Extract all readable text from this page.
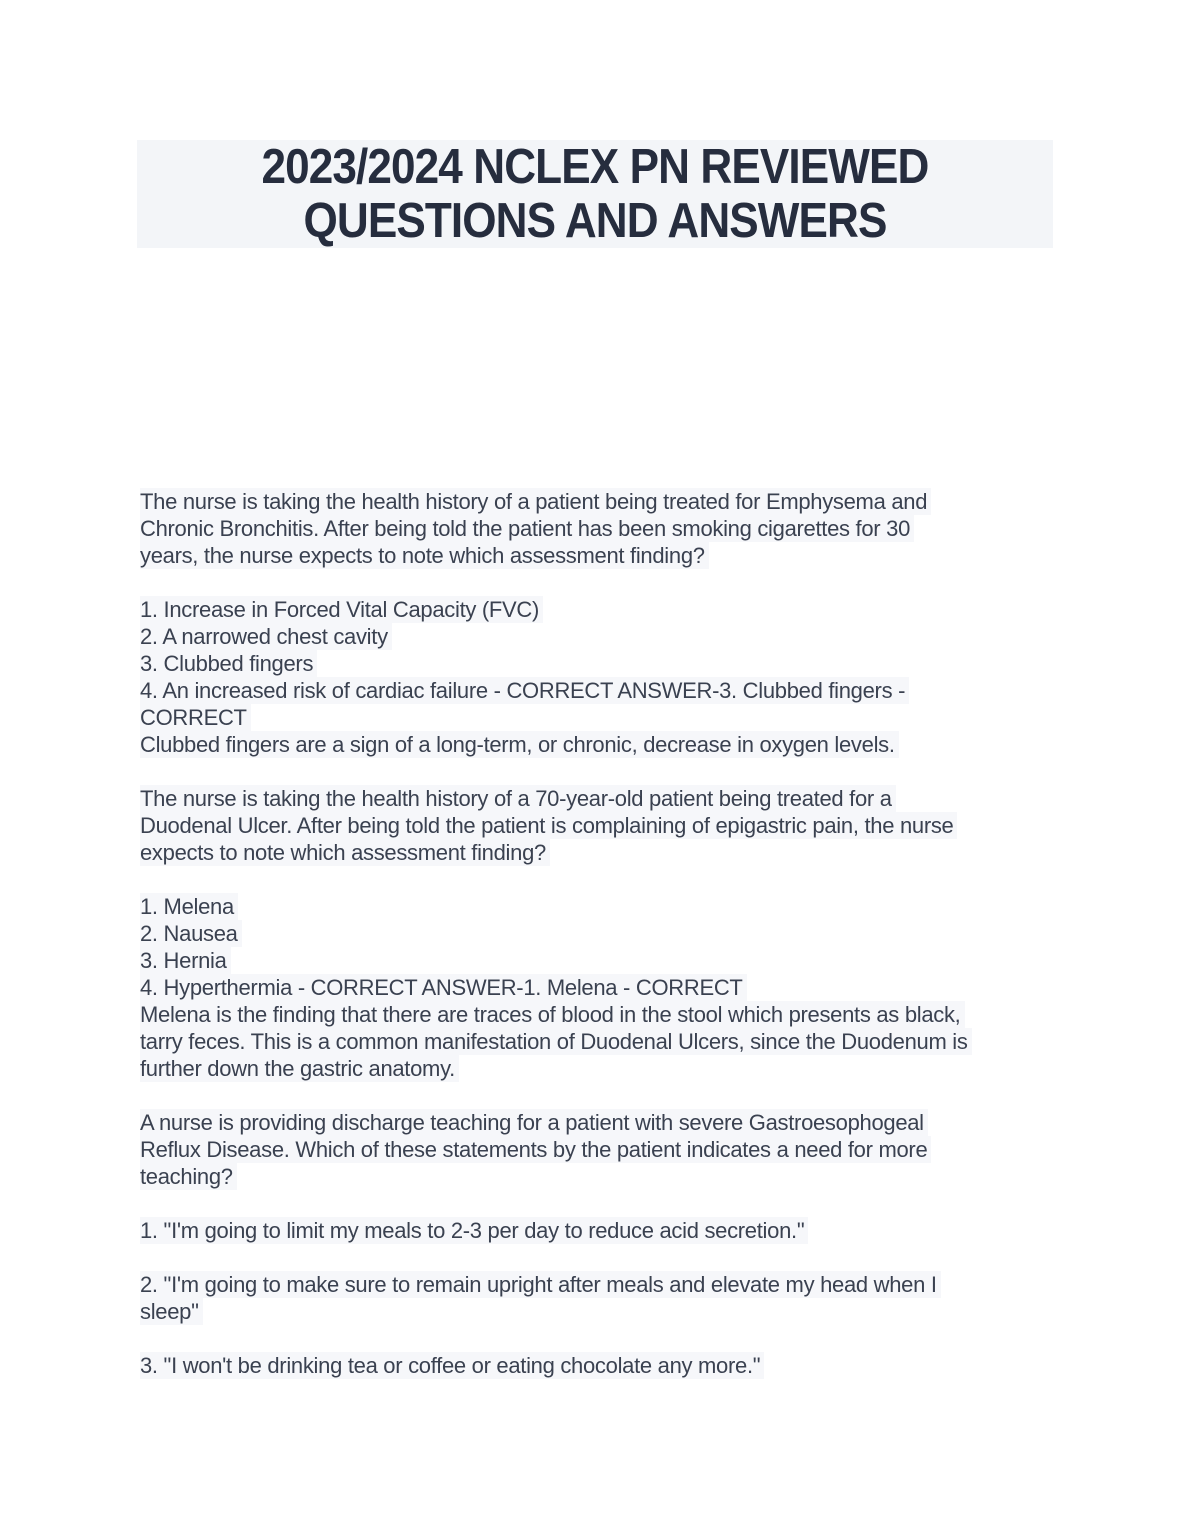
2023/2024 NCLEX PN REVIEWED QUESTIONS AND ANSWERS
The nurse is taking the health history of a patient being treated for Emphysema and
Chronic Bronchitis. After being told the patient has been smoking cigarettes for 30
years, the nurse expects to note which assessment finding?
1. Increase in Forced Vital Capacity (FVC)
2. A narrowed chest cavity
3. Clubbed fingers
4. An increased risk of cardiac failure - CORRECT ANSWER-3. Clubbed fingers -
CORRECT
Clubbed fingers are a sign of a long-term, or chronic, decrease in oxygen levels.
The nurse is taking the health history of a 70-year-old patient being treated for a
Duodenal Ulcer. After being told the patient is complaining of epigastric pain, the nurse
expects to note which assessment finding?
1. Melena
2. Nausea
3. Hernia
4. Hyperthermia - CORRECT ANSWER-1. Melena - CORRECT
Melena is the finding that there are traces of blood in the stool which presents as black,
tarry feces. This is a common manifestation of Duodenal Ulcers, since the Duodenum is
further down the gastric anatomy.
A nurse is providing discharge teaching for a patient with severe Gastroesophogeal
Reflux Disease. Which of these statements by the patient indicates a need for more
teaching?
1. "I'm going to limit my meals to 2-3 per day to reduce acid secretion."
2. "I'm going to make sure to remain upright after meals and elevate my head when I
sleep"
3. "I won't be drinking tea or coffee or eating chocolate any more."
